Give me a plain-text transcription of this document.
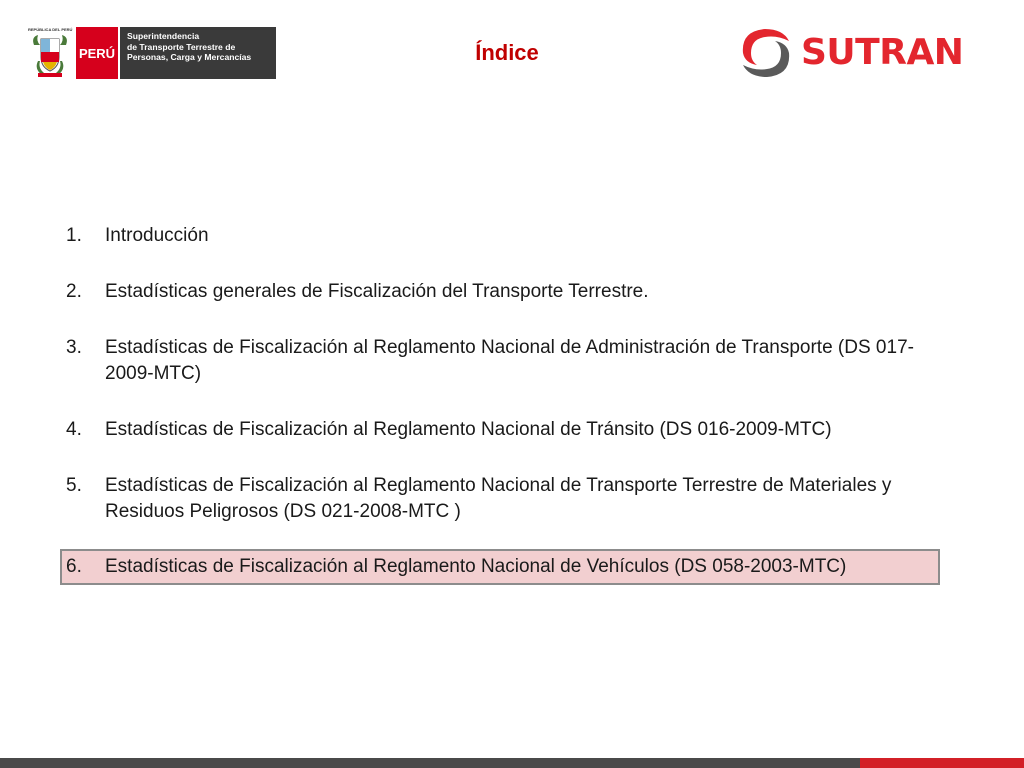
REPÚBLICA DEL PERÚ
PERÚ
Superintendencia
de Transporte Terrestre de
Personas, Carga y Mercancías	Índice	SUTRAN
1.	Introducción
2.	Estadísticas generales de Fiscalización del Transporte Terrestre.
3.	Estadísticas de Fiscalización al Reglamento Nacional de Administración de Transporte (DS 017-2009-MTC)
4.	Estadísticas de Fiscalización al Reglamento Nacional de Tránsito (DS 016-2009-MTC)
5.	Estadísticas de Fiscalización al Reglamento Nacional de Transporte Terrestre de Materiales y Residuos Peligrosos (DS 021-2008-MTC )
6.	Estadísticas de Fiscalización al Reglamento Nacional de Vehículos (DS 058-2003-MTC)
